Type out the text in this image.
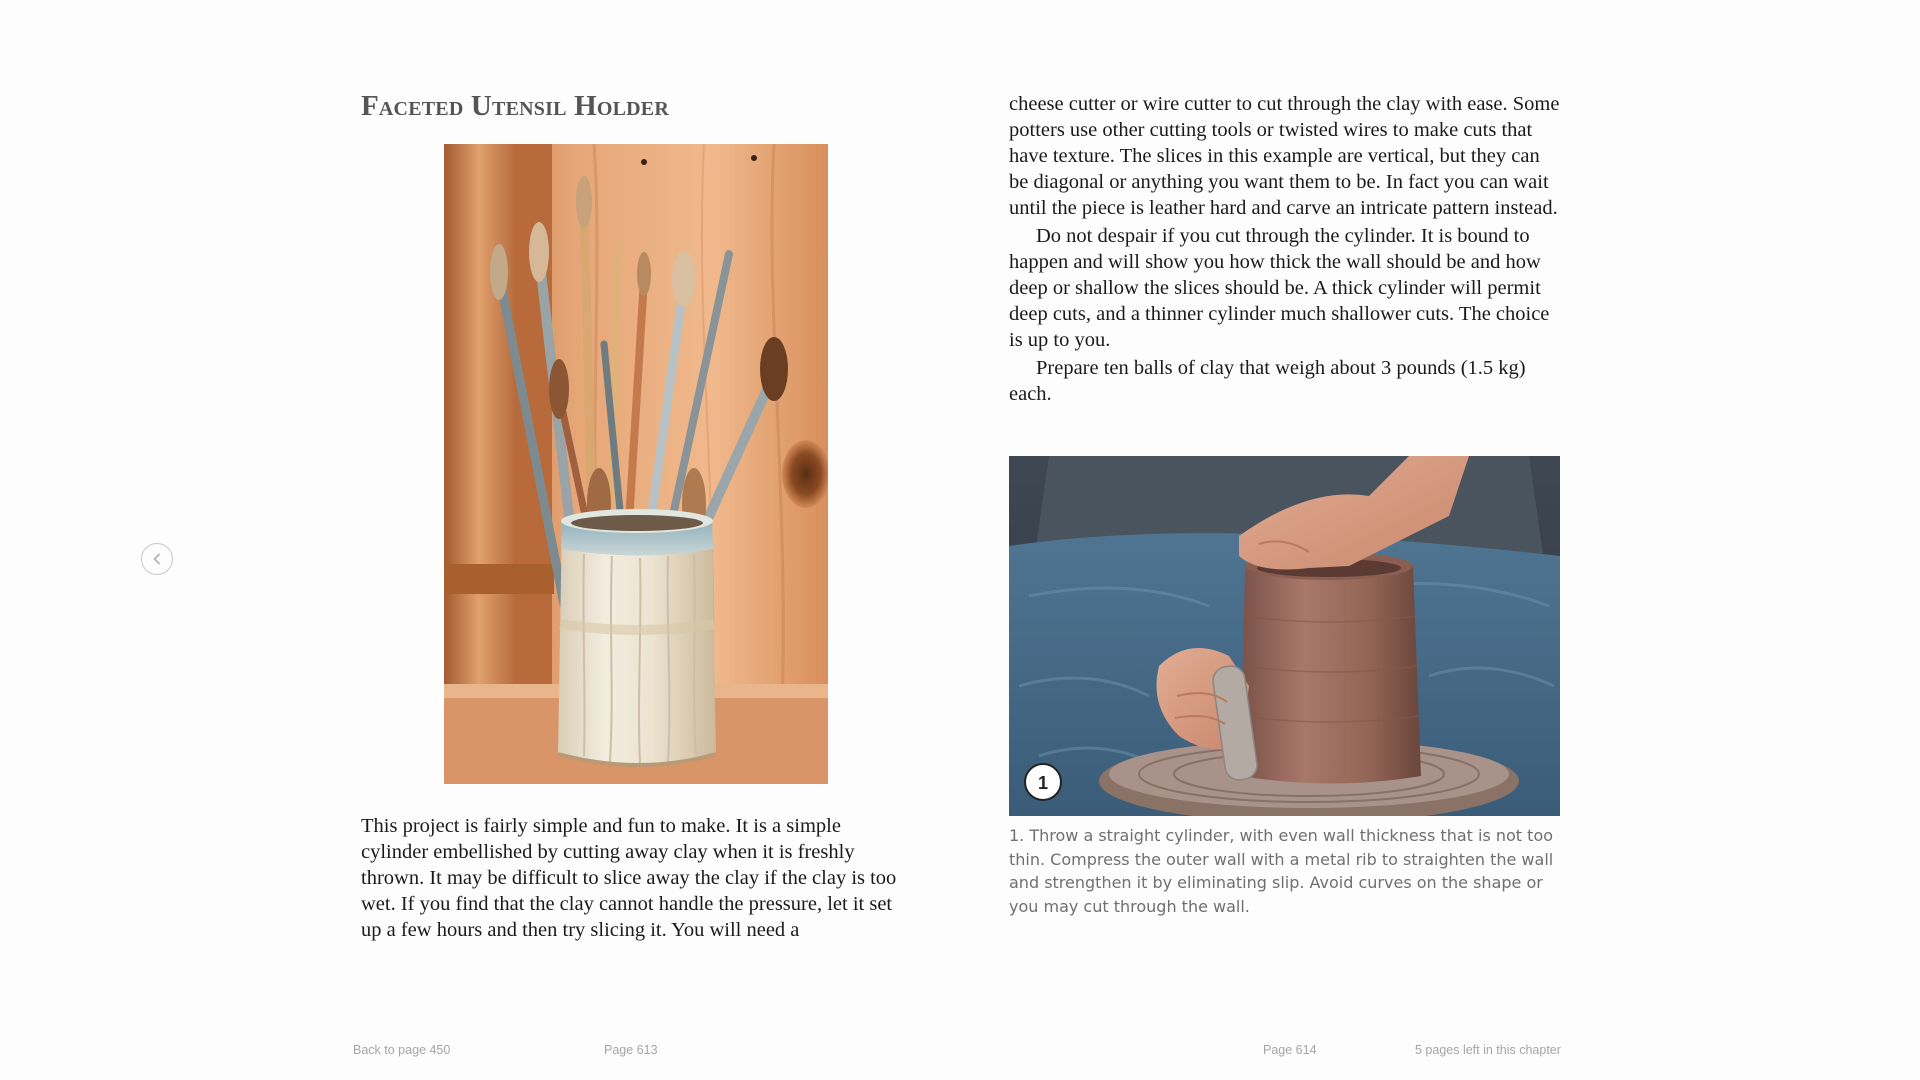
Faceted Utensil Holder

This project is fairly simple and fun to make. It is a simple cylinder embellished by cutting away clay when it is freshly thrown. It may be difficult to slice away the clay if the clay is too wet. If you find that the clay cannot handle the pressure, let it set up a few hours and then try slicing it. You will need a

cheese cutter or wire cutter to cut through the clay with ease. Some potters use other cutting tools or twisted wires to make cuts that have texture. The slices in this example are vertical, but they can be diagonal or anything you want them to be. In fact you can wait until the piece is leather hard and carve an intricate pattern instead.

Do not despair if you cut through the cylinder. It is bound to happen and will show you how thick the wall should be and how deep or shallow the slices should be. A thick cylinder will permit deep cuts, and a thinner cylinder much shallower cuts. The choice is up to you.

Prepare ten balls of clay that weigh about 3 pounds (1.5 kg) each.

1

1. Throw a straight cylinder, with even wall thickness that is not too thin. Compress the outer wall with a metal rib to straighten the wall and strengthen it by eliminating slip. Avoid curves on the shape or you may cut through the wall.

Back to page 450	Page 613	Page 614	5 pages left in this chapter
